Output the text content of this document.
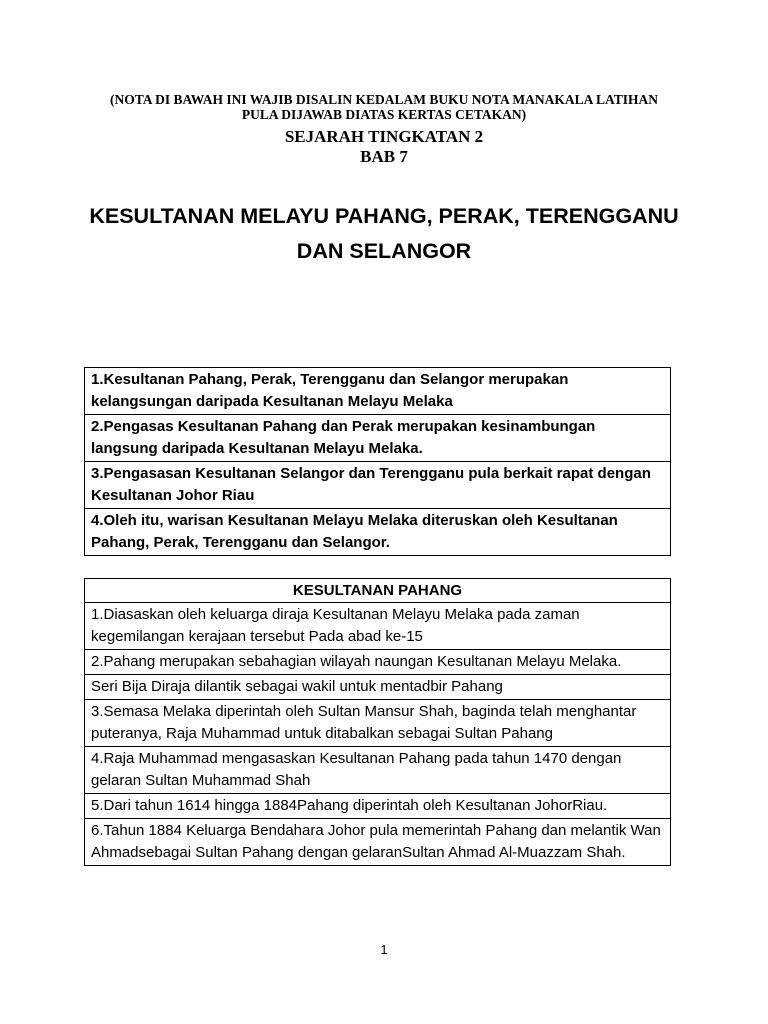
(NOTA DI BAWAH INI WAJIB DISALIN KEDALAM BUKU NOTA MANAKALA LATIHAN
PULA DIJAWAB DIATAS KERTAS CETAKAN)
SEJARAH TINGKATAN 2
BAB 7
KESULTANAN MELAYU PAHANG, PERAK, TERENGGANU
DAN SELANGOR
1.Kesultanan Pahang, Perak, Terengganu dan Selangor merupakan kelangsungan daripada Kesultanan Melayu Melaka
2.Pengasas Kesultanan Pahang dan Perak merupakan kesinambungan langsung daripada Kesultanan Melayu Melaka.
3.Pengasasan Kesultanan Selangor dan Terengganu pula berkait rapat dengan Kesultanan Johor Riau
4.Oleh itu, warisan Kesultanan Melayu Melaka diteruskan oleh Kesultanan Pahang, Perak, Terengganu dan Selangor.
KESULTANAN PAHANG
1.Diasaskan oleh keluarga diraja Kesultanan Melayu Melaka pada zaman kegemilangan kerajaan tersebut Pada abad ke-15
2.Pahang merupakan sebahagian wilayah naungan Kesultanan Melayu Melaka.
Seri Bija Diraja dilantik sebagai wakil untuk mentadbir Pahang
3.Semasa Melaka diperintah oleh Sultan Mansur Shah, baginda telah menghantar puteranya, Raja Muhammad untuk ditabalkan sebagai Sultan Pahang
4.Raja Muhammad mengasaskan Kesultanan Pahang pada tahun 1470 dengan gelaran Sultan Muhammad Shah
5.Dari tahun 1614 hingga 1884Pahang diperintah oleh Kesultanan JohorRiau.
6.Tahun 1884 Keluarga Bendahara Johor pula memerintah Pahang dan melantik Wan Ahmadsebagai Sultan Pahang dengan gelaranSultan Ahmad Al-Muazzam Shah.
1
